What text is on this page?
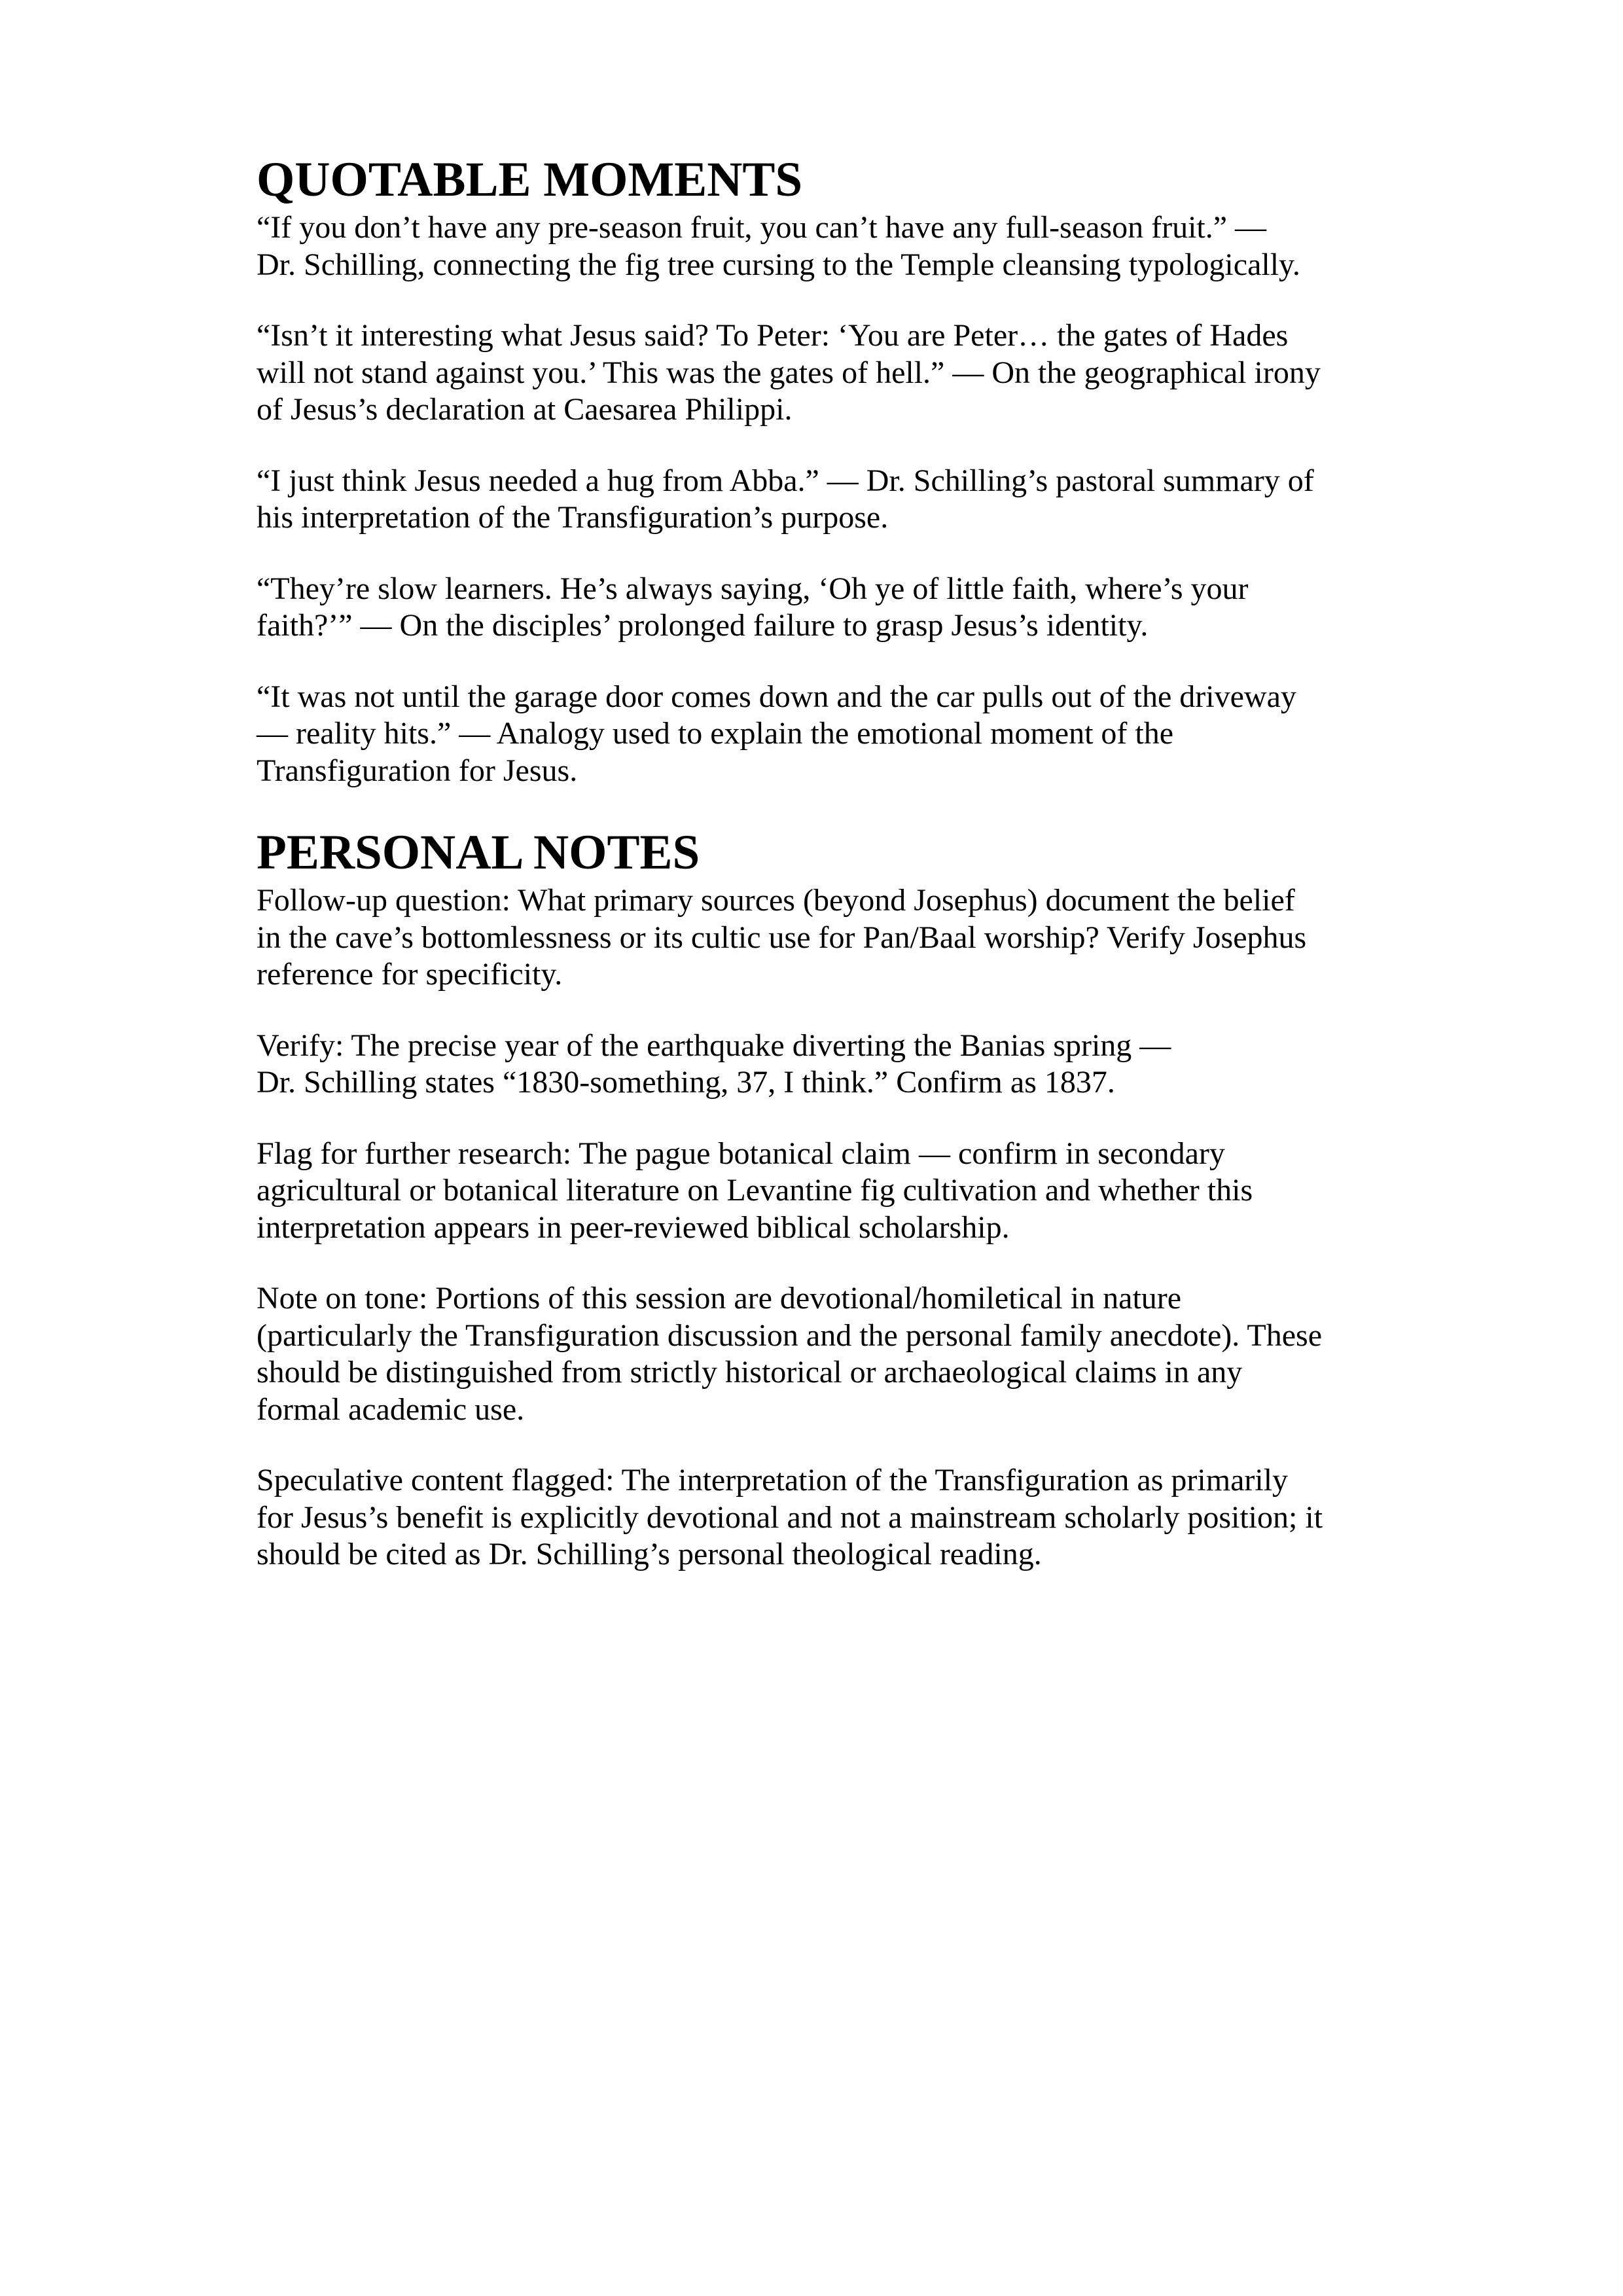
QUOTABLE MOMENTS

“If you don’t have any pre-season fruit, you can’t have any full-season fruit.” —
Dr. Schilling, connecting the fig tree cursing to the Temple cleansing typologically.

“Isn’t it interesting what Jesus said? To Peter: ‘You are Peter… the gates of Hades
will not stand against you.’ This was the gates of hell.” — On the geographical irony
of Jesus’s declaration at Caesarea Philippi.

“I just think Jesus needed a hug from Abba.” — Dr. Schilling’s pastoral summary of
his interpretation of the Transfiguration’s purpose.

“They’re slow learners. He’s always saying, ‘Oh ye of little faith, where’s your
faith?’” — On the disciples’ prolonged failure to grasp Jesus’s identity.

“It was not until the garage door comes down and the car pulls out of the driveway
— reality hits.” — Analogy used to explain the emotional moment of the
Transfiguration for Jesus.

PERSONAL NOTES

Follow-up question: What primary sources (beyond Josephus) document the belief
in the cave’s bottomlessness or its cultic use for Pan/Baal worship? Verify Josephus
reference for specificity.

Verify: The precise year of the earthquake diverting the Banias spring —
Dr. Schilling states “1830-something, 37, I think.” Confirm as 1837.

Flag for further research: The pague botanical claim — confirm in secondary
agricultural or botanical literature on Levantine fig cultivation and whether this
interpretation appears in peer-reviewed biblical scholarship.

Note on tone: Portions of this session are devotional/homiletical in nature
(particularly the Transfiguration discussion and the personal family anecdote). These
should be distinguished from strictly historical or archaeological claims in any
formal academic use.

Speculative content flagged: The interpretation of the Transfiguration as primarily
for Jesus’s benefit is explicitly devotional and not a mainstream scholarly position; it
should be cited as Dr. Schilling’s personal theological reading.
